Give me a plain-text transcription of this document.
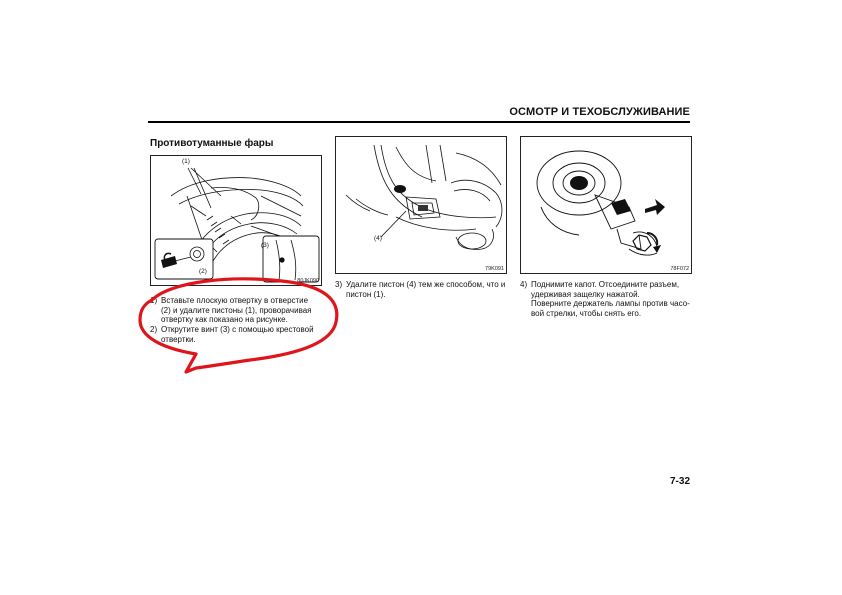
ОСМОТР И ТЕХОБСЛУЖИВАНИЕ
Противотуманные фары
(1)
(2)
(3)
80JK090
(4)
79K091	78F072
1) Вставьте плоскую отвертку в отверстие
(2) и удалите пистоны (1), проворачивая
отвертку как показано на рисунке.
2) Открутите винт (3) с помощью крестовой
отвертки.
3) Удалите пистон (4) тем же способом, что и
пистон (1).
4) Поднимите капот. Отсоедините разъем,
удерживая защелку нажатой.
Поверните держатель лампы против часо-
вой стрелки, чтобы снять его.
7-32
